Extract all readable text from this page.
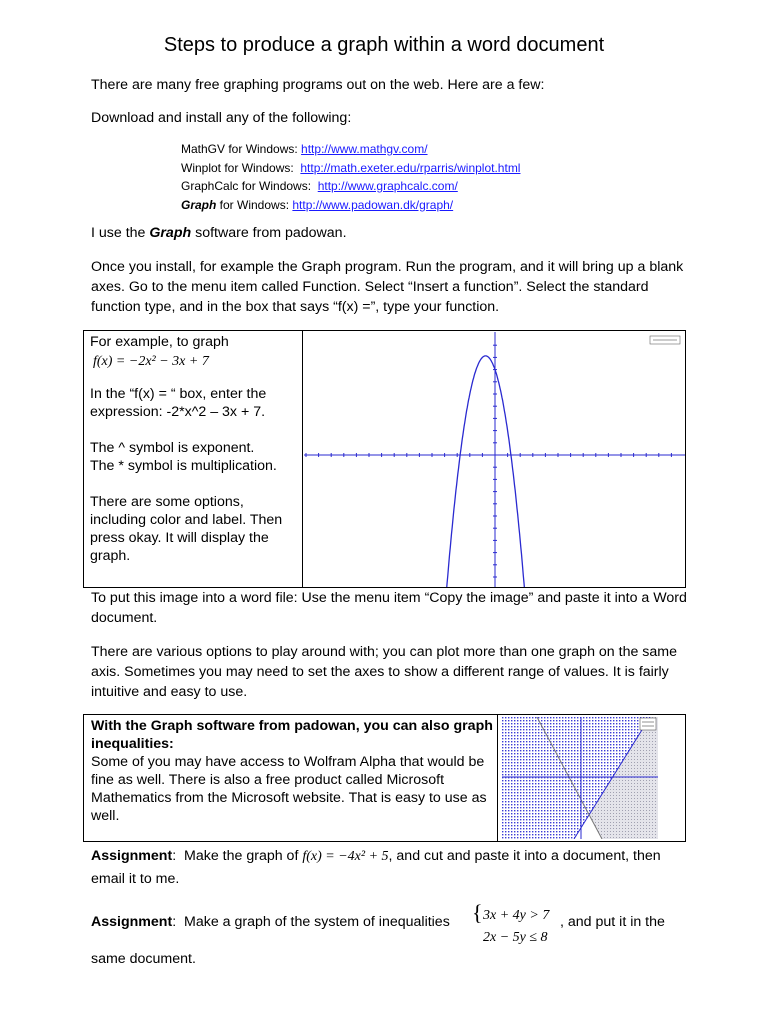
Steps to produce a graph within a word document
There are many free graphing programs out on the web. Here are a few:
Download and install any of the following:
MathGV for Windows: http://www.mathgv.com/
Winplot for Windows:  http://math.exeter.edu/rparris/winplot.html
GraphCalc for Windows:  http://www.graphcalc.com/
Graph for Windows: http://www.padowan.dk/graph/
I use the Graph software from padowan.
Once you install, for example the Graph program. Run the program, and it will bring up a blank axes. Go to the menu item called Function. Select “Insert a function”. Select the standard function type, and in the box that says “f(x) =”, type your function.
For example, to graph
f(x) = −2x² − 3x + 7
In the “f(x) = “ box, enter the expression: -2*x^2 – 3x + 7.
The ^ symbol is exponent.
The * symbol is multiplication.
There are some options, including color and label. Then press okay. It will display the graph.
To put this image into a word file: Use the menu item “Copy the image” and paste it into a Word document.
There are various options to play around with; you can plot more than one graph on the same axis. Sometimes you may need to set the axes to show a different range of values. It is fairly intuitive and easy to use.
With the Graph software from padowan, you can also graph inequalities:
Some of you may have access to Wolfram Alpha that would be fine as well. There is also a free product called Microsoft Mathematics from the Microsoft website. That is easy to use as well.
Assignment:  Make the graph of f(x) = −4x² + 5, and cut and paste it into a document, then email it to me.
Assignment:  Make a graph of the system of inequalities { 3x + 4y > 7
2x − 5y ≤ 8
, and put it in the
same document.
